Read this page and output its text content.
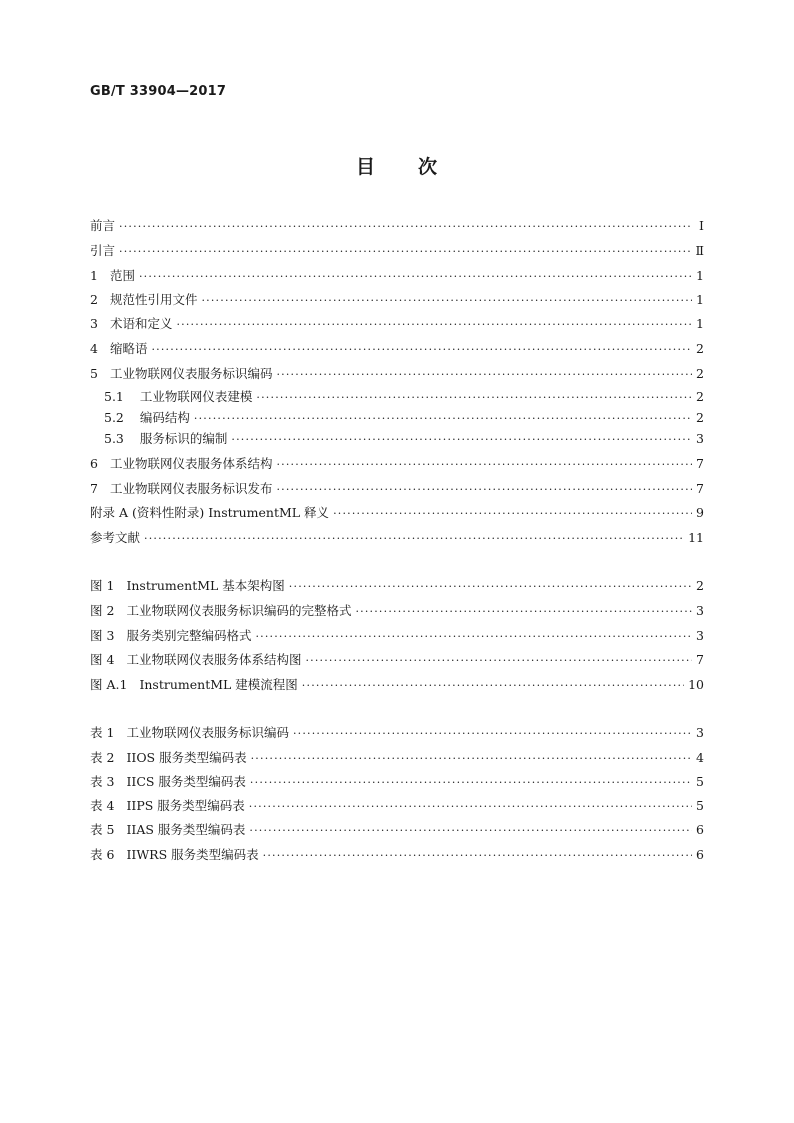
GB/T 33904—2017
目 次
前言 ·····	Ⅰ
引言 ·····	Ⅱ
1 范围 ·····	1
2 规范性引用文件 ·····	1
3 术语和定义 ·····	1
4 缩略语 ·····	2
5 工业物联网仪表服务标识编码 ·····	2
5.1 工业物联网仪表建模 ·····	2
5.2 编码结构 ·····	2
5.3 服务标识的编制 ·····	3
6 工业物联网仪表服务体系结构 ·····	7
7 工业物联网仪表服务标识发布 ·····	7
附录 A (资料性附录) InstrumentML 释义 ·····	9
参考文献 ·····	11
图 1 InstrumentML 基本架构图 ·····	2
图 2 工业物联网仪表服务标识编码的完整格式 ·····	3
图 3 服务类别完整编码格式 ·····	3
图 4 工业物联网仪表服务体系结构图 ·····	7
图 A.1 InstrumentML 建模流程图 ·····	10
表 1 工业物联网仪表服务标识编码 ·····	3
表 2 IIOS 服务类型编码表 ·····	4
表 3 IICS 服务类型编码表 ·····	5
表 4 IIPS 服务类型编码表 ·····	5
表 5 IIAS 服务类型编码表 ·····	6
表 6 IIWRS 服务类型编码表 ·····	6
